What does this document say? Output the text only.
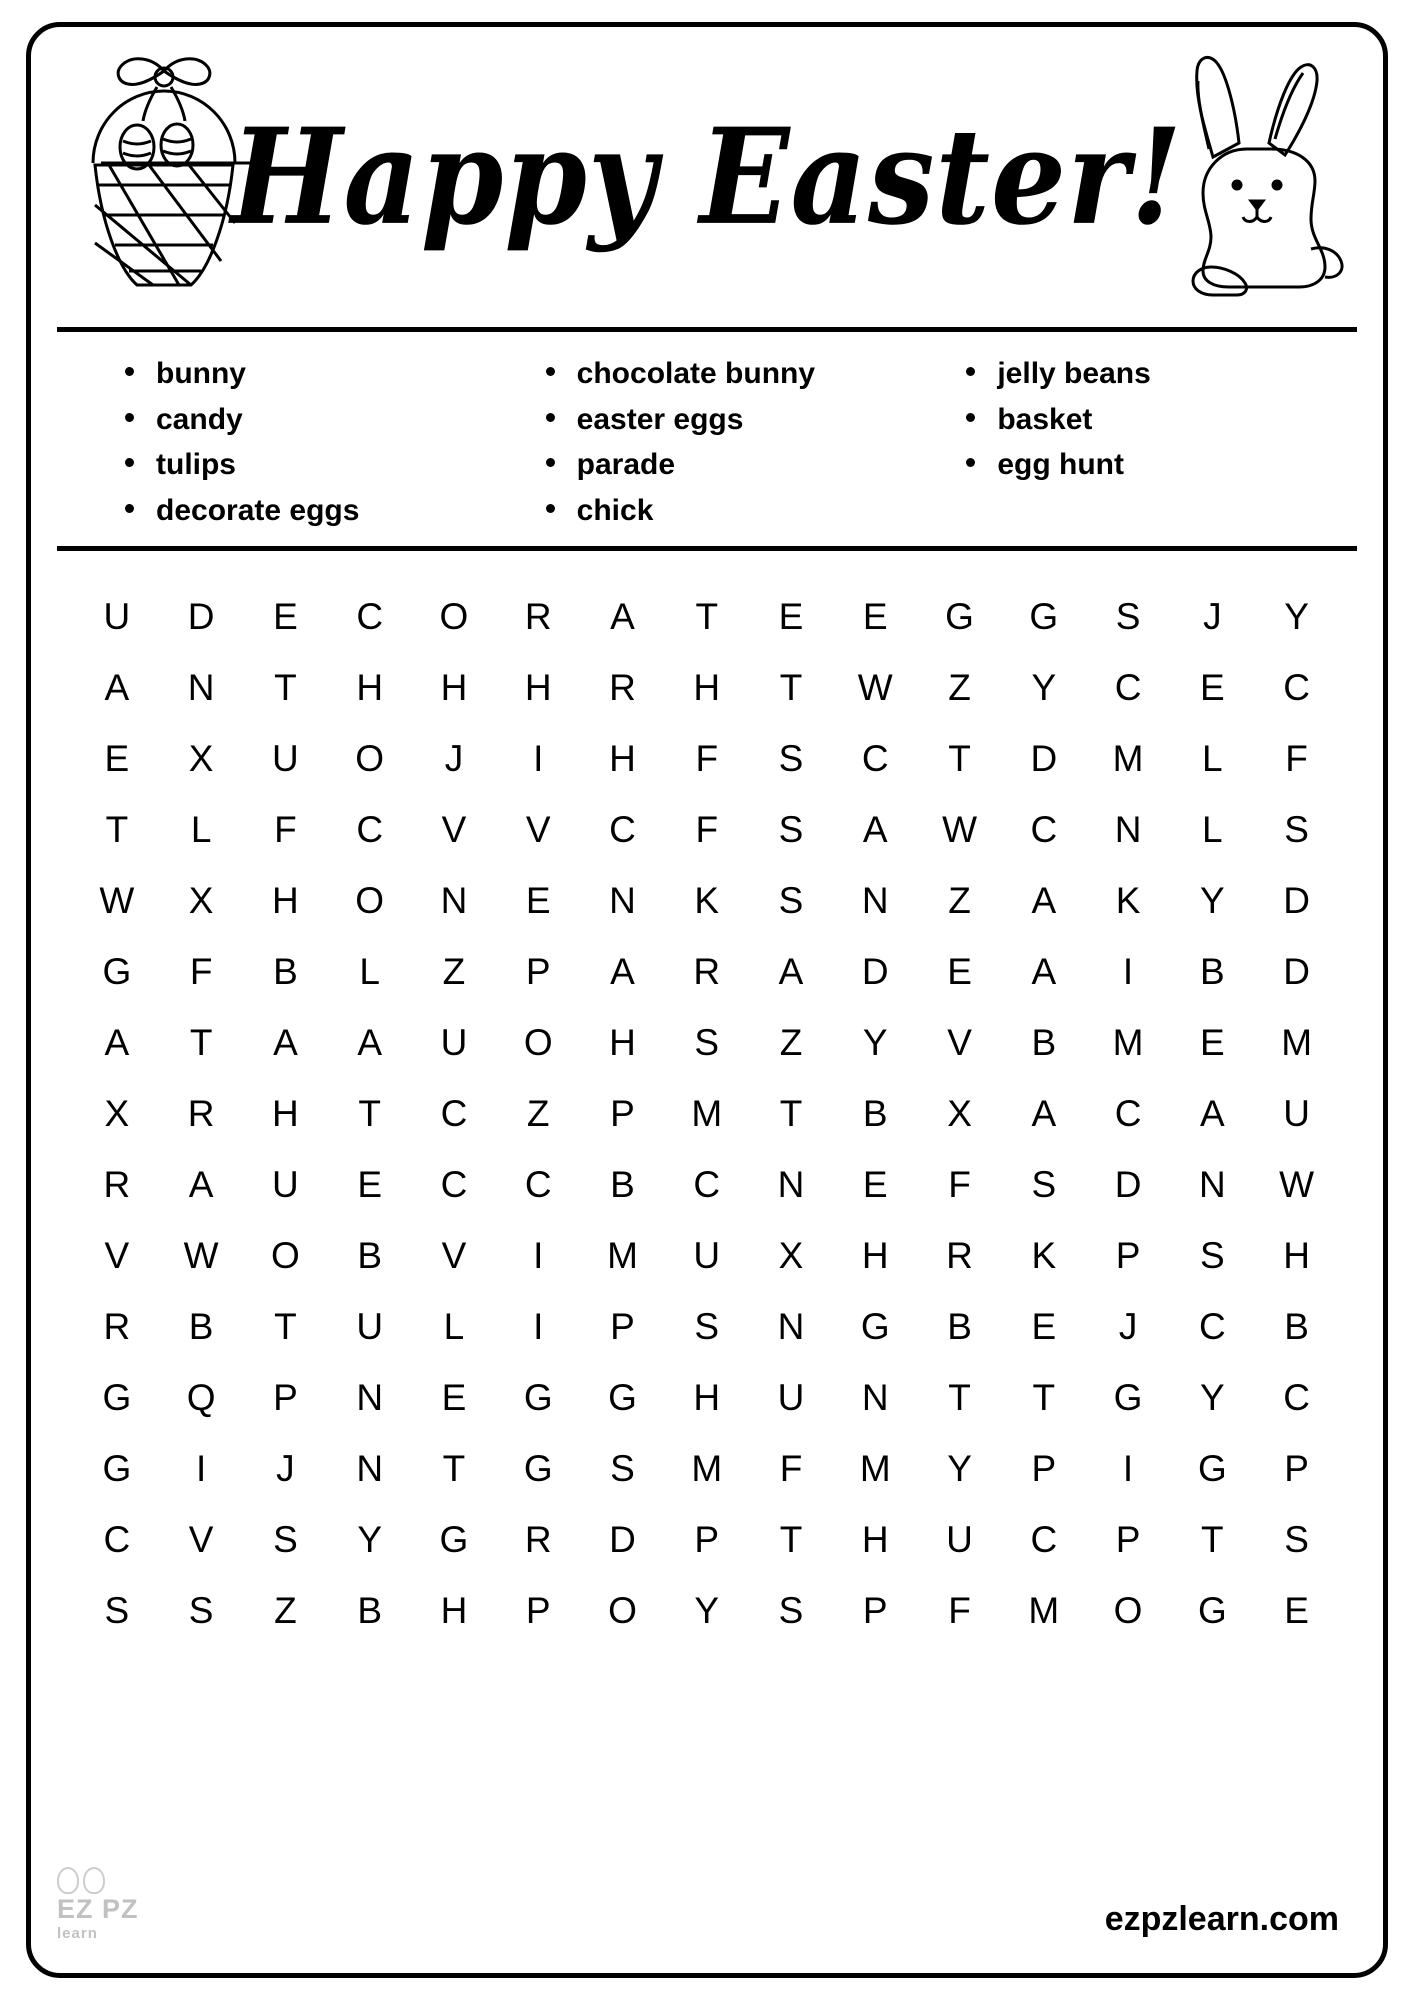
Happy Easter!
bunny
candy
tulips
decorate eggs
chocolate bunny
easter eggs
parade
chick
jelly beans
basket
egg hunt
U	D	E	C	O	R	A	T	E	E	G	G	S	J	Y
A	N	T	H	H	H	R	H	T	W	Z	Y	C	E	C
E	X	U	O	J	I	H	F	S	C	T	D	M	L	F
T	L	F	C	V	V	C	F	S	A	W	C	N	L	S
W	X	H	O	N	E	N	K	S	N	Z	A	K	Y	D
G	F	B	L	Z	P	A	R	A	D	E	A	I	B	D
A	T	A	A	U	O	H	S	Z	Y	V	B	M	E	M
X	R	H	T	C	Z	P	M	T	B	X	A	C	A	U
R	A	U	E	C	C	B	C	N	E	F	S	D	N	W
V	W	O	B	V	I	M	U	X	H	R	K	P	S	H
R	B	T	U	L	I	P	S	N	G	B	E	J	C	B
G	Q	P	N	E	G	G	H	U	N	T	T	G	Y	C
G	I	J	N	T	G	S	M	F	M	Y	P	I	G	P
C	V	S	Y	G	R	D	P	T	H	U	C	P	T	S
S	S	Z	B	H	P	O	Y	S	P	F	M	O	G	E
EZ PZ
learn	ezpzlearn.com
